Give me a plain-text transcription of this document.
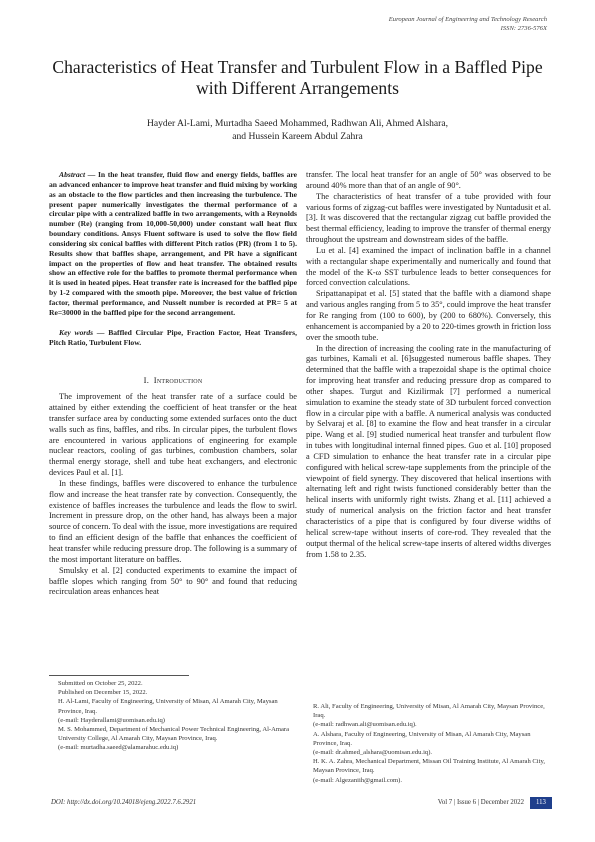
European Journal of Engineering and Technology Research
ISSN: 2736-576X
Characteristics of Heat Transfer and Turbulent Flow in a Baffled Pipe with Different Arrangements
Hayder Al-Lami, Murtadha Saeed Mohammed, Radhwan Ali, Ahmed Alshara,
and Hussein Kareem Abdul Zahra

Abstract — In the heat transfer, fluid flow and energy fields, baffles are an advanced enhancer to improve heat transfer and fluid mixing by working as an obstacle to the flow particles and then increasing the turbulence. The present paper numerically investigates the thermal performance of a circular pipe with a centralized baffle in two arrangements, with a Reynolds number (Re) (ranging from 10,000-50,000) under constant wall heat flux boundary conditions. Ansys Fluent software is used to solve the flow field considering six conical baffles with different Pitch ratios (PR) (from 1 to 5). Results show that baffles shape, arrangement, and PR have a significant impact on the properties of flow and heat transfer. The obtained results show an effective role for the baffles to promote thermal performance when it is used in heated pipes. Heat transfer rate is increased for the baffled pipe by 1-2 compared with the smooth pipe. Moreover, the best value of friction factor, thermal performance, and Nusselt number is recorded at PR= 5 at Re=30000 in the baffled pipe for the second arrangement.

Key words — Baffled Circular Pipe, Fraction Factor, Heat Transfers, Pitch Ratio, Turbulent Flow.

I. Introduction

The improvement of the heat transfer rate of a surface could be attained by either extending the coefficient of heat transfer or the heat transfer surface area by conducting some extended surfaces onto the duct walls such as fins, baffles, and ribs. In circular pipes, the turbulent flows are encountered in various applications of engineering for example nuclear reactors, cooling of gas turbines, combustion chambers, solar thermal energy storage, shell and tube heat exchangers, and electronic devices Paul et al. [1].

In these findings, baffles were discovered to enhance the turbulence flow and increase the heat transfer rate by convection. Consequently, the existence of baffles increases the turbulence and leads the flow to swirl. Increment in pressure drop, on the other hand, has always been a major source of concern. To deal with the issue, more investigations are required to find an efficient design of the baffle that enhances the coefficient of heat transfer while reducing pressure drop. The following is a summary of the most important literature on baffles.

Smulsky et al. [2] conducted experiments to examine the impact of baffle slopes which ranging from 50° to 90° and found that reducing recirculation areas enhances heat

transfer. The local heat transfer for an angle of 50° was observed to be around 40% more than that of an angle of 90°.

The characteristics of heat transfer of a tube provided with four various forms of zigzag-cut baffles were investigated by Nuntadusit et al. [3]. It was discovered that the rectangular zigzag cut baffle provided the best thermal efficiency, leading to improve the transfer of thermal energy throughout the upstream and downstream sides of the baffle.

Lu et al. [4] examined the impact of inclination baffle in a channel with a rectangular shape experimentally and numerically and found that the model of the K-ω SST turbulence leads to better consequences for forced convection calculations.

Sripattanapipat et al. [5] stated that the baffle with a diamond shape and various angles ranging from 5 to 35°, could improve the heat transfer for Re ranging from (100 to 600), by (200 to 680%). Conversely, this enhancement is accompanied by a 20 to 220-times growth in friction loss over the smooth tube.

In the direction of increasing the cooling rate in the manufacturing of gas turbines, Kamali et al. [6]suggested numerous baffle shapes. They determined that the baffle with a trapezoidal shape is the optimal choice for improving heat transfer and reducing pressure drop as compared to other shapes. Turgut and Kizilirmak [7] performed a numerical simulation to examine the steady state of 3D turbulent forced convection flow in a circular pipe with a baffle. A numerical analysis was conducted by Selvaraj et al. [8] to examine the flow and heat transfer in a circular pipe. Wang et al. [9] studied numerical heat transfer and turbulent flow in tubes with longitudinal internal finned pipes. Guo et al. [10] proposed a CFD simulation to enhance the heat transfer rate in a circular pipe configured with helical screw-tape supplements from the principle of the viewpoint of field synergy. They discovered that helical insertions with alternating left and right twists functioned considerably better than the helical inserts with uniformly right twists. Zhang et al. [11] achieved a study of numerical analysis on the friction factor and heat transfer characteristics of a pipe that is configured by four diverse widths of helical screw-tape without inserts of core-rod. They revealed that the output thermal of the helical screw-tape inserts of altered widths diverges from 1.58 to 2.35.

Submitted on October 25, 2022.

Published on December 15, 2022.

H. Al-Lami, Faculty of Engineering, University of Misan, Al Amarah City, Maysan Province, Iraq.

(e-mail: Hayderallami@uomisan.edu.iq)

M. S. Mohammed, Department of Mechanical Power Technical Engineering, Al-Amara University College, Al Amarah City, Maysan Province, Iraq.

(e-mail: murtadha.saeed@alamarahuc.edu.iq)

R. Ali, Faculty of Engineering, University of Misan, Al Amarah City, Maysan Province, Iraq.

(e-mail: radhwan.ali@uomisan.edu.iq).

A. Alshara, Faculty of Engineering, University of Misan, Al Amarah City, Maysan Province, Iraq.

(e-mail: dr.ahmed_alshara@uomisan.edu.iq).

H. K. A. Zahra, Mechanical Department, Missan Oil Training Institute, Al Amarah City, Maysan Province, Iraq.

(e-mail: Algezaniih@gmail.com).

DOI: http://dx.doi.org/10.24018/ejeng.2022.7.6.2921	Vol 7 | Issue 6 | December 2022	113
